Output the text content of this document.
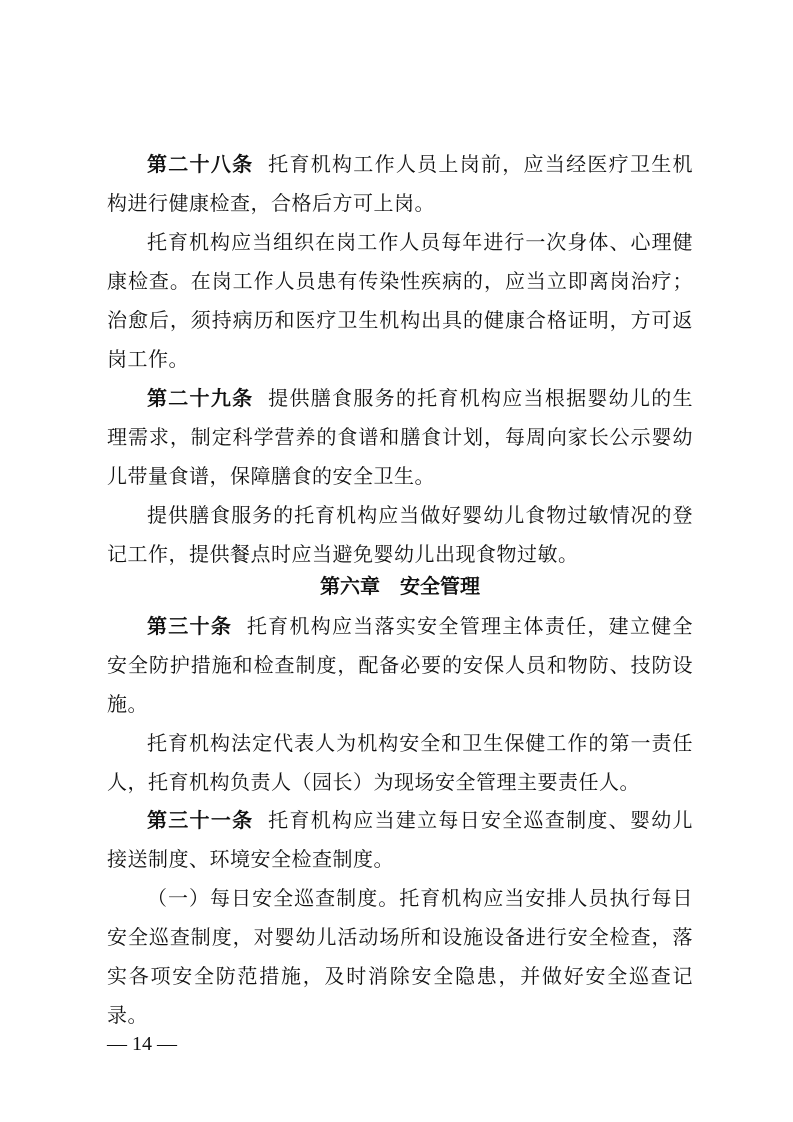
第二十八条 托育机构工作人员上岗前，应当经医疗卫生机构进行健康检查，合格后方可上岗。

托育机构应当组织在岗工作人员每年进行一次身体、心理健康检查。在岗工作人员患有传染性疾病的，应当立即离岗治疗；治愈后，须持病历和医疗卫生机构出具的健康合格证明，方可返岗工作。

第二十九条 提供膳食服务的托育机构应当根据婴幼儿的生理需求，制定科学营养的食谱和膳食计划，每周向家长公示婴幼儿带量食谱，保障膳食的安全卫生。

提供膳食服务的托育机构应当做好婴幼儿食物过敏情况的登记工作，提供餐点时应当避免婴幼儿出现食物过敏。

第六章 安全管理

第三十条 托育机构应当落实安全管理主体责任，建立健全安全防护措施和检查制度，配备必要的安保人员和物防、技防设施。

托育机构法定代表人为机构安全和卫生保健工作的第一责任人，托育机构负责人（园长）为现场安全管理主要责任人。

第三十一条 托育机构应当建立每日安全巡查制度、婴幼儿接送制度、环境安全检查制度。

（一）每日安全巡查制度。托育机构应当安排人员执行每日安全巡查制度，对婴幼儿活动场所和设施设备进行安全检查，落实各项安全防范措施，及时消除安全隐患，并做好安全巡查记录。

— 14 —
